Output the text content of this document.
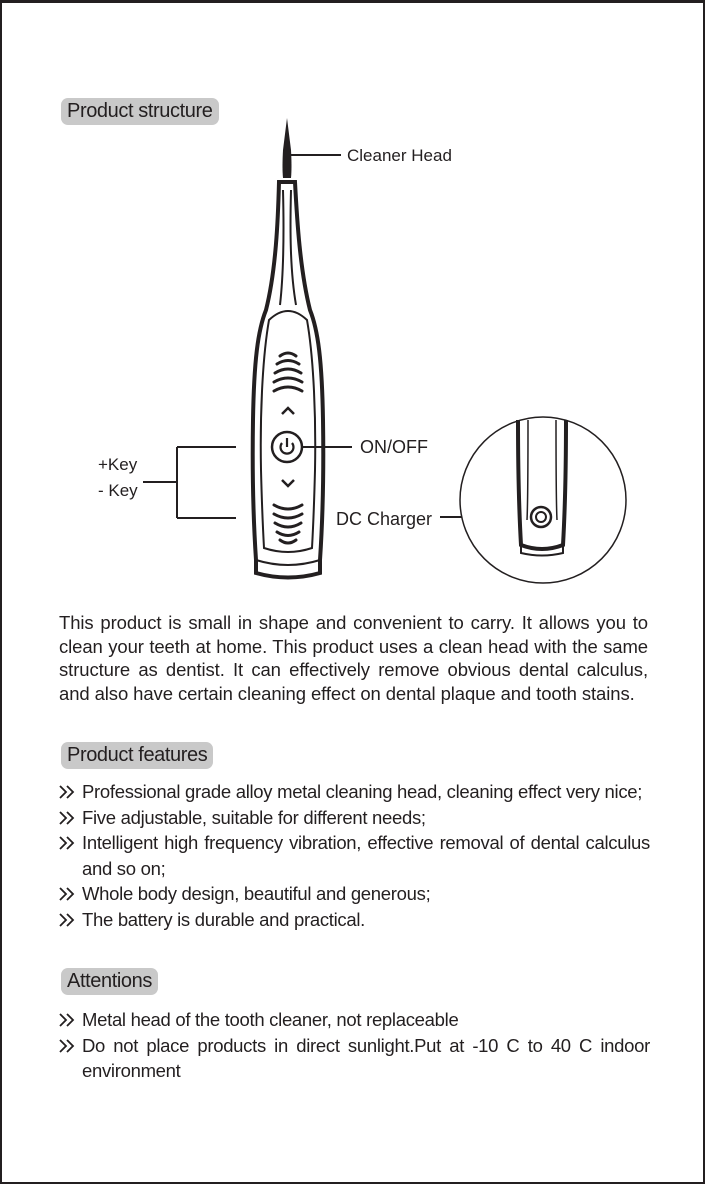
Product structure
Cleaner Head
ON/OFF
+Key
- Key
DC Charger
This product is small in shape and convenient to carry. It allows you to clean your teeth at home. This product uses a clean head with the same structure as dentist. It can effectively remove obvious dental calculus, and also have certain cleaning effect on dental plaque and tooth stains.
Product features
Professional grade alloy metal cleaning head, cleaning effect very nice;
Five adjustable, suitable for different needs;
Intelligent high frequency vibration, effective removal of dental calculus and so on;
Whole body design, beautiful and generous;
The battery is durable and practical.
Attentions
Metal head of the tooth cleaner, not replaceable
Do not place products in direct sunlight.Put at -10 C to 40 C indoor environment
